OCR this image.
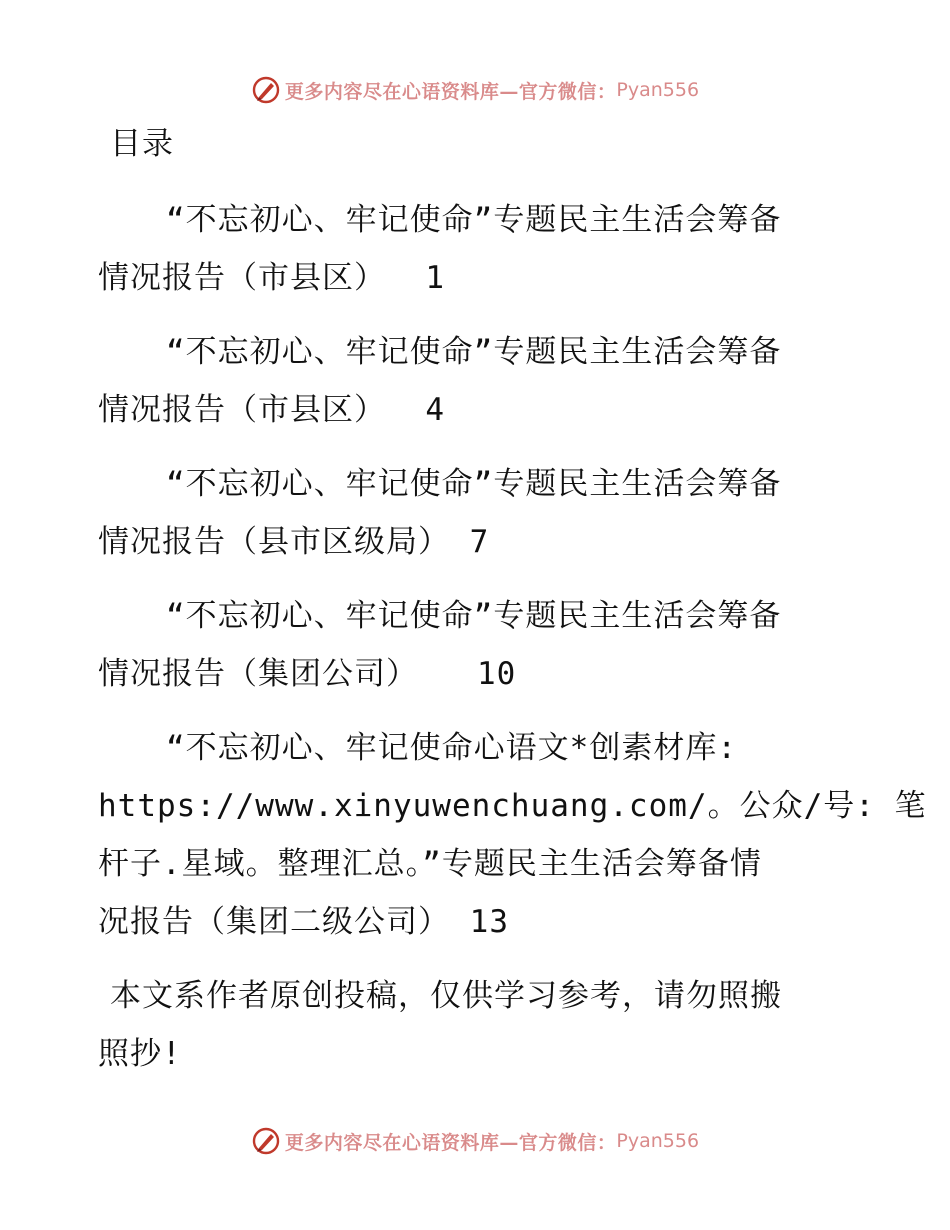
更多内容尽在心语资料库—官方微信： Pyan556
目录
“不忘初心、牢记使命”专题民主生活会筹备
情况报告（市县区）  1
“不忘初心、牢记使命”专题民主生活会筹备
情况报告（市县区）  4
“不忘初心、牢记使命”专题民主生活会筹备
情况报告（县市区级局） 7
“不忘初心、牢记使命”专题民主生活会筹备
情况报告（集团公司）   10
“不忘初心、牢记使命心语文*创素材库:
https://www.xinyuwenchuang.com/。公众/号: 笔
杆子.星域。整理汇总。”专题民主生活会筹备情
况报告（集团二级公司） 13
本文系作者原创投稿，仅供学习参考，请勿照搬
照抄!
更多内容尽在心语资料库—官方微信： Pyan556
